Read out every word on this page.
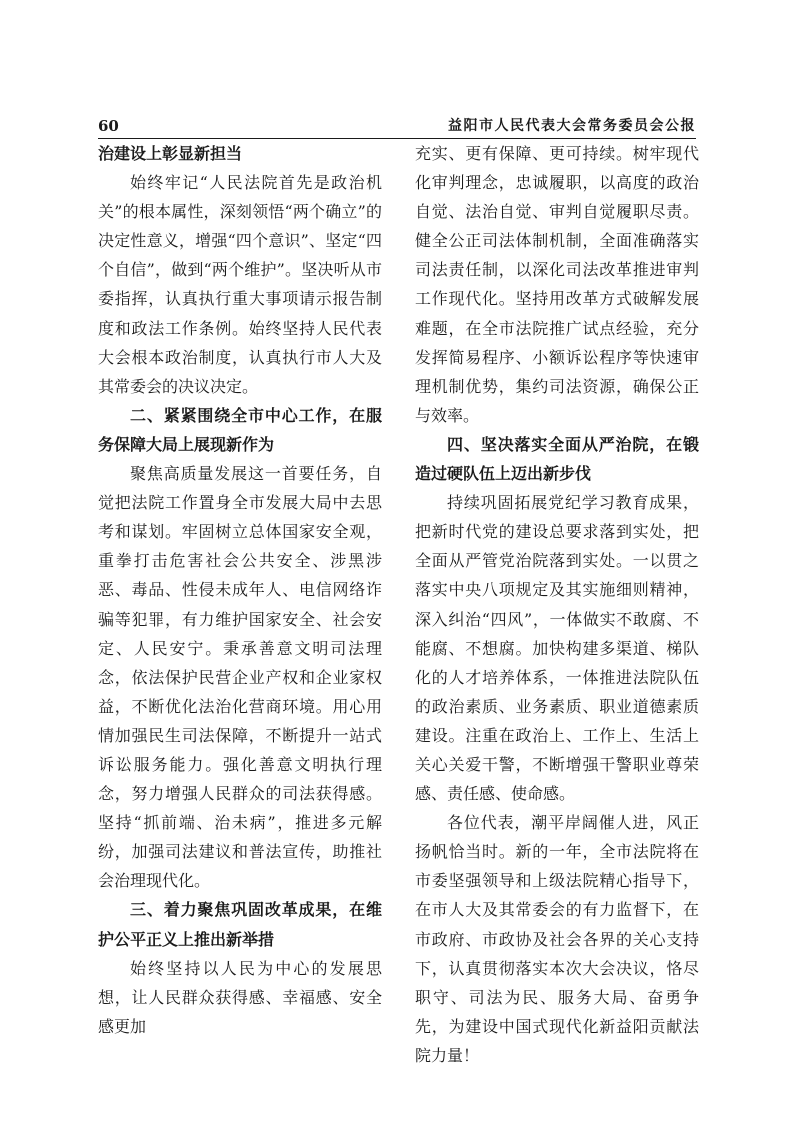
60	益阳市人民代表大会常务委员会公报

治建设上彰显新担当

始终牢记“人民法院首先是政治机关”的根本属性，深刻领悟“两个确立”的决定性意义，增强“四个意识”、坚定“四个自信”，做到“两个维护”。坚决听从市委指挥，认真执行重大事项请示报告制度和政法工作条例。始终坚持人民代表大会根本政治制度，认真执行市人大及其常委会的决议决定。

二、紧紧围绕全市中心工作，在服务保障大局上展现新作为

聚焦高质量发展这一首要任务，自觉把法院工作置身全市发展大局中去思考和谋划。牢固树立总体国家安全观，重拳打击危害社会公共安全、涉黑涉恶、毒品、性侵未成年人、电信网络诈骗等犯罪，有力维护国家安全、社会安定、人民安宁。秉承善意文明司法理念，依法保护民营企业产权和企业家权益，不断优化法治化营商环境。用心用情加强民生司法保障，不断提升一站式诉讼服务能力。强化善意文明执行理念，努力增强人民群众的司法获得感。坚持“抓前端、治未病”，推进多元解纷，加强司法建议和普法宣传，助推社会治理现代化。

三、着力聚焦巩固改革成果，在维护公平正义上推出新举措

始终坚持以人民为中心的发展思想，让人民群众获得感、幸福感、安全感更加

充实、更有保障、更可持续。树牢现代化审判理念，忠诚履职，以高度的政治自觉、法治自觉、审判自觉履职尽责。健全公正司法体制机制，全面准确落实司法责任制，以深化司法改革推进审判工作现代化。坚持用改革方式破解发展难题，在全市法院推广试点经验，充分发挥简易程序、小额诉讼程序等快速审理机制优势，集约司法资源，确保公正与效率。

四、坚决落实全面从严治院，在锻造过硬队伍上迈出新步伐

持续巩固拓展党纪学习教育成果，把新时代党的建设总要求落到实处，把全面从严管党治院落到实处。一以贯之落实中央八项规定及其实施细则精神，深入纠治“四风”，一体做实不敢腐、不能腐、不想腐。加快构建多渠道、梯队化的人才培养体系，一体推进法院队伍的政治素质、业务素质、职业道德素质建设。注重在政治上、工作上、生活上关心关爱干警，不断增强干警职业尊荣感、责任感、使命感。

各位代表，潮平岸阔催人进，风正扬帆恰当时。新的一年，全市法院将在市委坚强领导和上级法院精心指导下，在市人大及其常委会的有力监督下，在市政府、市政协及社会各界的关心支持下，认真贯彻落实本次大会决议，恪尽职守、司法为民、服务大局、奋勇争先，为建设中国式现代化新益阳贡献法院力量！
